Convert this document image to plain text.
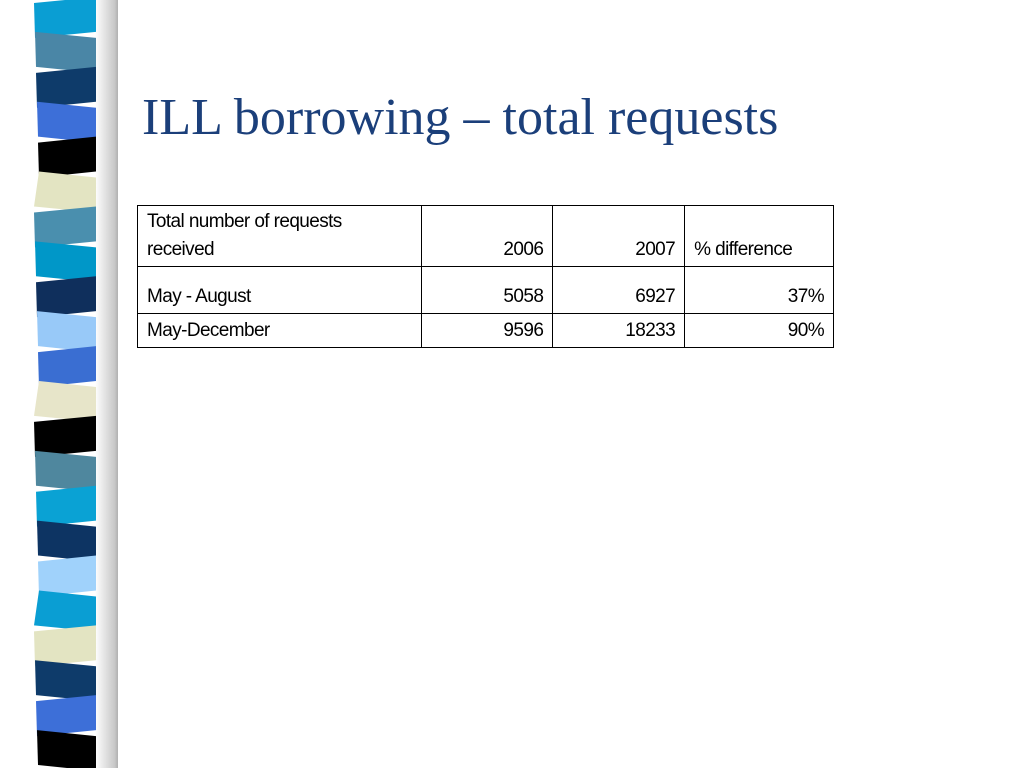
ILL borrowing – total requests
Total number of requests received	2006	2007	% difference
May - August	5058	6927	37%
May-December	9596	18233	90%
